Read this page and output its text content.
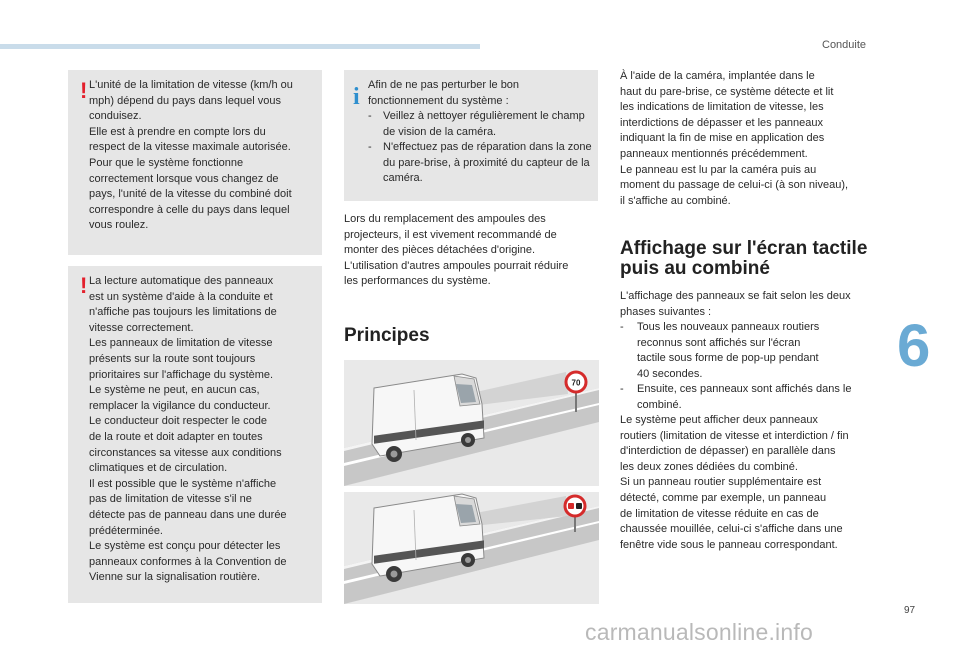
Conduite
6
! L'unité de la limitation de vitesse (km/h ou
mph) dépend du pays dans lequel vous
conduisez.
Elle est à prendre en compte lors du
respect de la vitesse maximale autorisée.
Pour que le système fonctionne
correctement lorsque vous changez de
pays, l'unité de la vitesse du combiné doit
correspondre à celle du pays dans lequel
vous roulez.

! La lecture automatique des panneaux
est un système d'aide à la conduite et
n'affiche pas toujours les limitations de
vitesse correctement.
Les panneaux de limitation de vitesse
présents sur la route sont toujours
prioritaires sur l'affichage du système.
Le système ne peut, en aucun cas,
remplacer la vigilance du conducteur.
Le conducteur doit respecter le code
de la route et doit adapter en toutes
circonstances sa vitesse aux conditions
climatiques et de circulation.
Il est possible que le système n'affiche
pas de limitation de vitesse s'il ne
détecte pas de panneau dans une durée
prédéterminée.
Le système est conçu pour détecter les
panneaux conformes à la Convention de
Vienne sur la signalisation routière.

i Afin de ne pas perturber le bon
fonctionnement du système :

- Veillez à nettoyer régulièrement le champ de vision de la caméra.
- N'effectuez pas de réparation dans la zone du pare-brise, à proximité du capteur de la caméra.
Lors du remplacement des ampoules des
projecteurs, il est vivement recommandé de
monter des pièces détachées d'origine.
L'utilisation d'autres ampoules pourrait réduire
les performances du système.
Principes
70
À l'aide de la caméra, implantée dans le
haut du pare-brise, ce système détecte et lit
les indications de limitation de vitesse, les
interdictions de dépasser et les panneaux
indiquant la fin de mise en application des
panneaux mentionnés précédemment.
Le panneau est lu par la caméra puis au
moment du passage de celui-ci (à son niveau),
il s'affiche au combiné.
Affichage sur l'écran tactile
puis au combiné
L'affichage des panneaux se fait selon les deux
phases suivantes :
- Tous les nouveaux panneaux routiers
reconnus sont affichés sur l'écran
tactile sous forme de pop-up pendant
40 secondes.
- Ensuite, ces panneaux sont affichés dans le
combiné.
Le système peut afficher deux panneaux
routiers (limitation de vitesse et interdiction / fin
d'interdiction de dépasser) en parallèle dans
les deux zones dédiées du combiné.
Si un panneau routier supplémentaire est
détecté, comme par exemple, un panneau
de limitation de vitesse réduite en cas de
chaussée mouillée, celui-ci s'affiche dans une
fenêtre vide sous le panneau correspondant.
97
carmanualsonline.info
